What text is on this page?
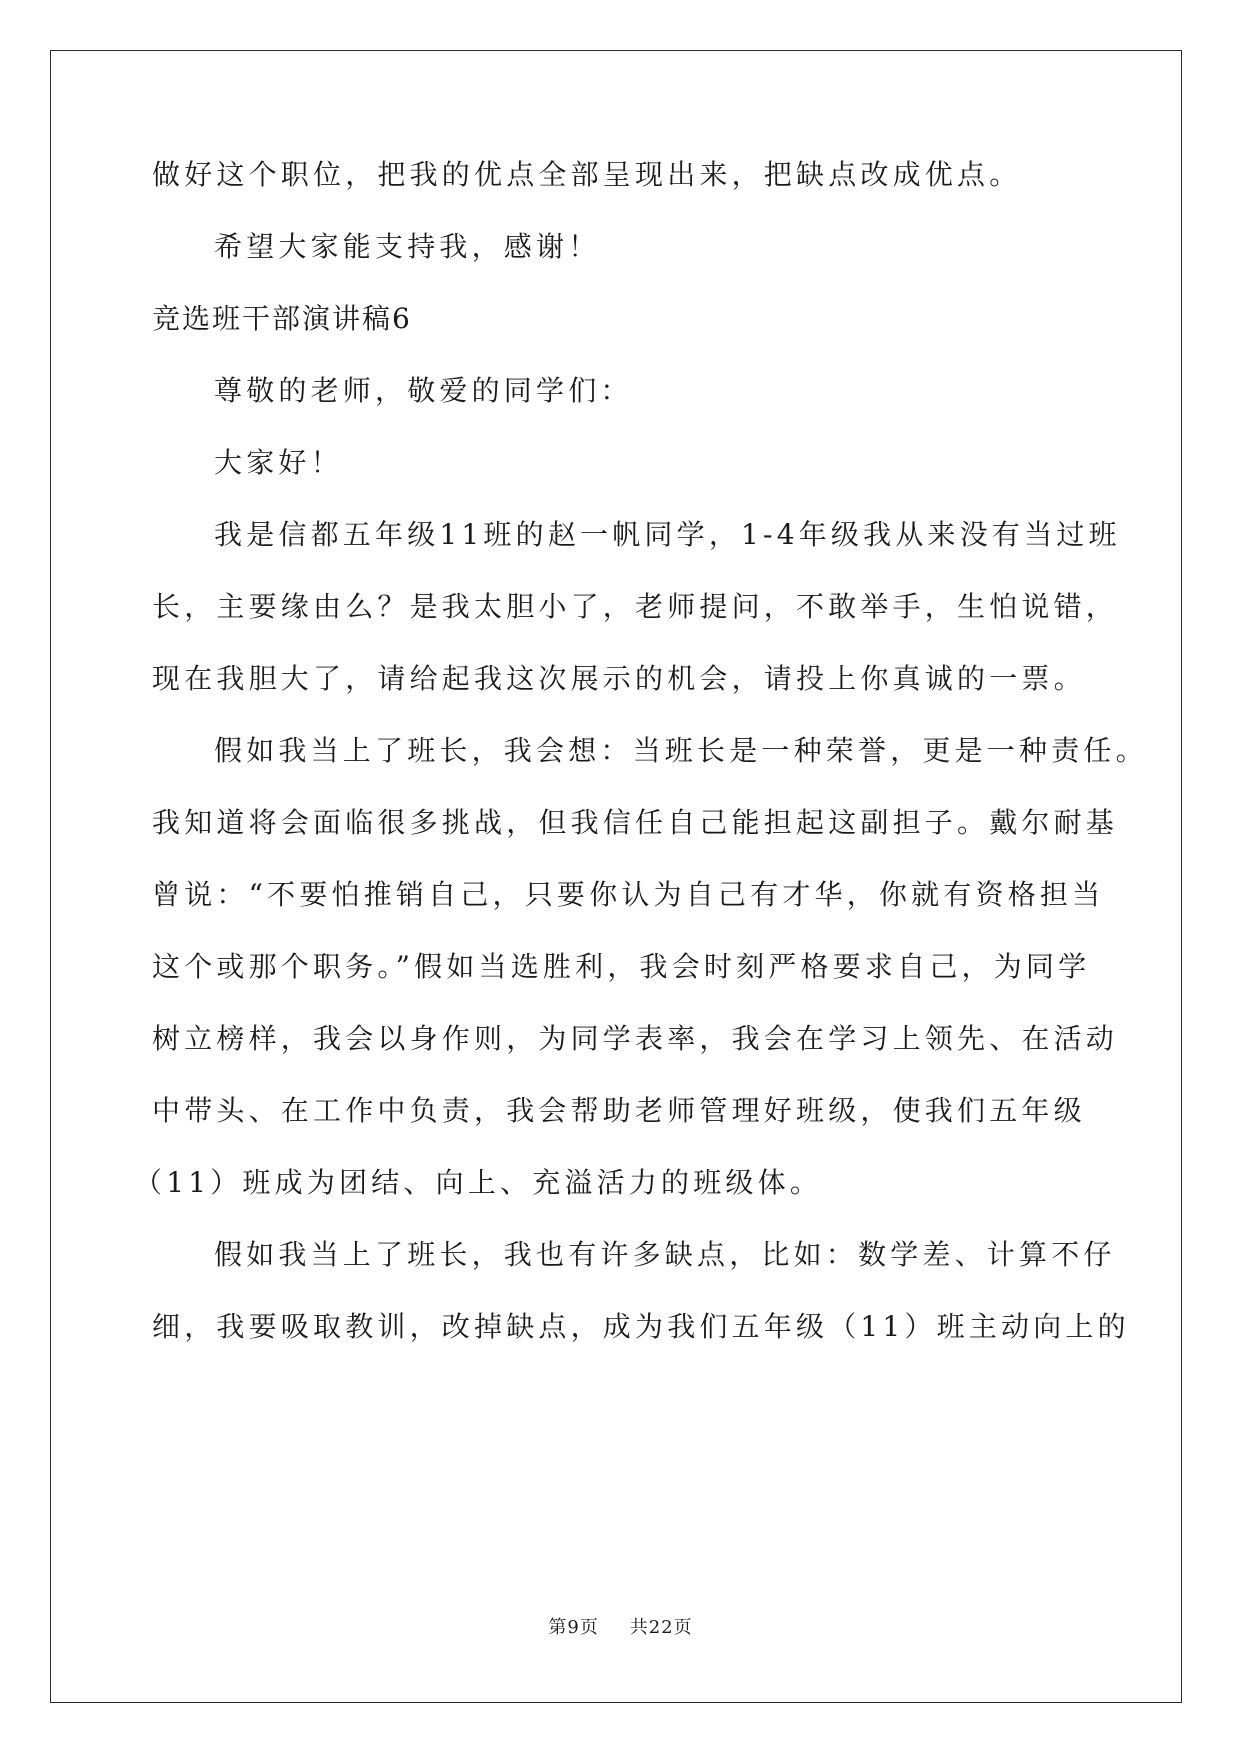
做好这个职位，把我的优点全部呈现出来，把缺点改成优点。
希望大家能支持我，感谢！
竞选班干部演讲稿6
尊敬的老师，敬爱的同学们：
大家好！
我是信都五年级11班的赵一帆同学，1-4年级我从来没有当过班
长，主要缘由么？是我太胆小了，老师提问，不敢举手，生怕说错，
现在我胆大了，请给起我这次展示的机会，请投上你真诚的一票。
假如我当上了班长，我会想：当班长是一种荣誉，更是一种责任。
我知道将会面临很多挑战，但我信任自己能担起这副担子。戴尔耐基
曾说：“不要怕推销自己，只要你认为自己有才华，你就有资格担当
这个或那个职务。”假如当选胜利，我会时刻严格要求自己，为同学
树立榜样，我会以身作则，为同学表率，我会在学习上领先、在活动
中带头、在工作中负责，我会帮助老师管理好班级，使我们五年级
（11）班成为团结、向上、充溢活力的班级体。
假如我当上了班长，我也有许多缺点，比如：数学差、计算不仔
细，我要吸取教训，改掉缺点，成为我们五年级（11）班主动向上的
第9页 共22页
